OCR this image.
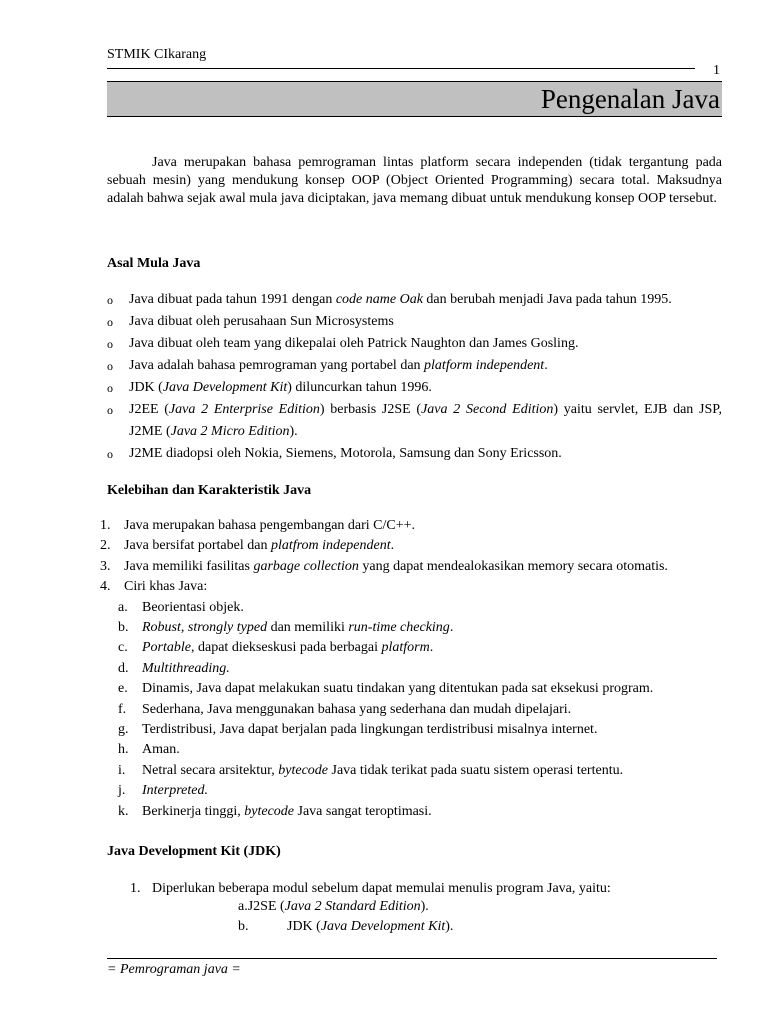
STMIK CIkarang
1
Pengenalan Java
Java merupakan bahasa pemrograman lintas platform secara independen (tidak tergantung pada sebuah mesin) yang mendukung konsep OOP (Object Oriented Programming) secara total. Maksudnya adalah bahwa sejak awal mula java diciptakan, java memang dibuat untuk mendukung konsep OOP tersebut.
Asal Mula Java
o	Java dibuat pada tahun 1991 dengan code name Oak dan berubah menjadi Java pada tahun 1995.
o	Java dibuat oleh perusahaan Sun Microsystems
o	Java dibuat oleh team yang dikepalai oleh Patrick Naughton dan James Gosling.
o	Java adalah bahasa pemrograman yang portabel dan platform independent.
o	JDK (Java Development Kit) diluncurkan tahun 1996.
o	J2EE (Java 2 Enterprise Edition) berbasis J2SE (Java 2 Second Edition) yaitu servlet, EJB dan JSP, J2ME (Java 2 Micro Edition).
o	J2ME diadopsi oleh Nokia, Siemens, Motorola, Samsung dan Sony Ericsson.
Kelebihan dan Karakteristik Java
1. Java merupakan bahasa pengembangan dari C/C++.
2. Java bersifat portabel dan platfrom independent.
3. Java memiliki fasilitas garbage collection yang dapat mendealokasikan memory secara otomatis.
4. Ciri khas Java:
a.	Beorientasi objek.
b. Robust, strongly typed dan memiliki run-time checking.
c.	Portable, dapat diekseskusi pada berbagai platform.
d. Multithreading.
e.	Dinamis, Java dapat melakukan suatu tindakan yang ditentukan pada sat eksekusi program.
f.	Sederhana, Java menggunakan bahasa yang sederhana dan mudah dipelajari.
g. Terdistribusi, Java dapat berjalan pada lingkungan terdistribusi misalnya internet.
h. Aman.
i.	Netral secara arsitektur, bytecode Java tidak terikat pada suatu sistem operasi tertentu.
j.	Interpreted.
k. Berkinerja tinggi, bytecode Java sangat teroptimasi.
Java Development Kit (JDK)
1. Diperlukan beberapa modul sebelum dapat memulai menulis program Java, yaitu:
a.J2SE (Java 2 Standard Edition).
b.	JDK (Java Development Kit).
= Pemrograman java =
